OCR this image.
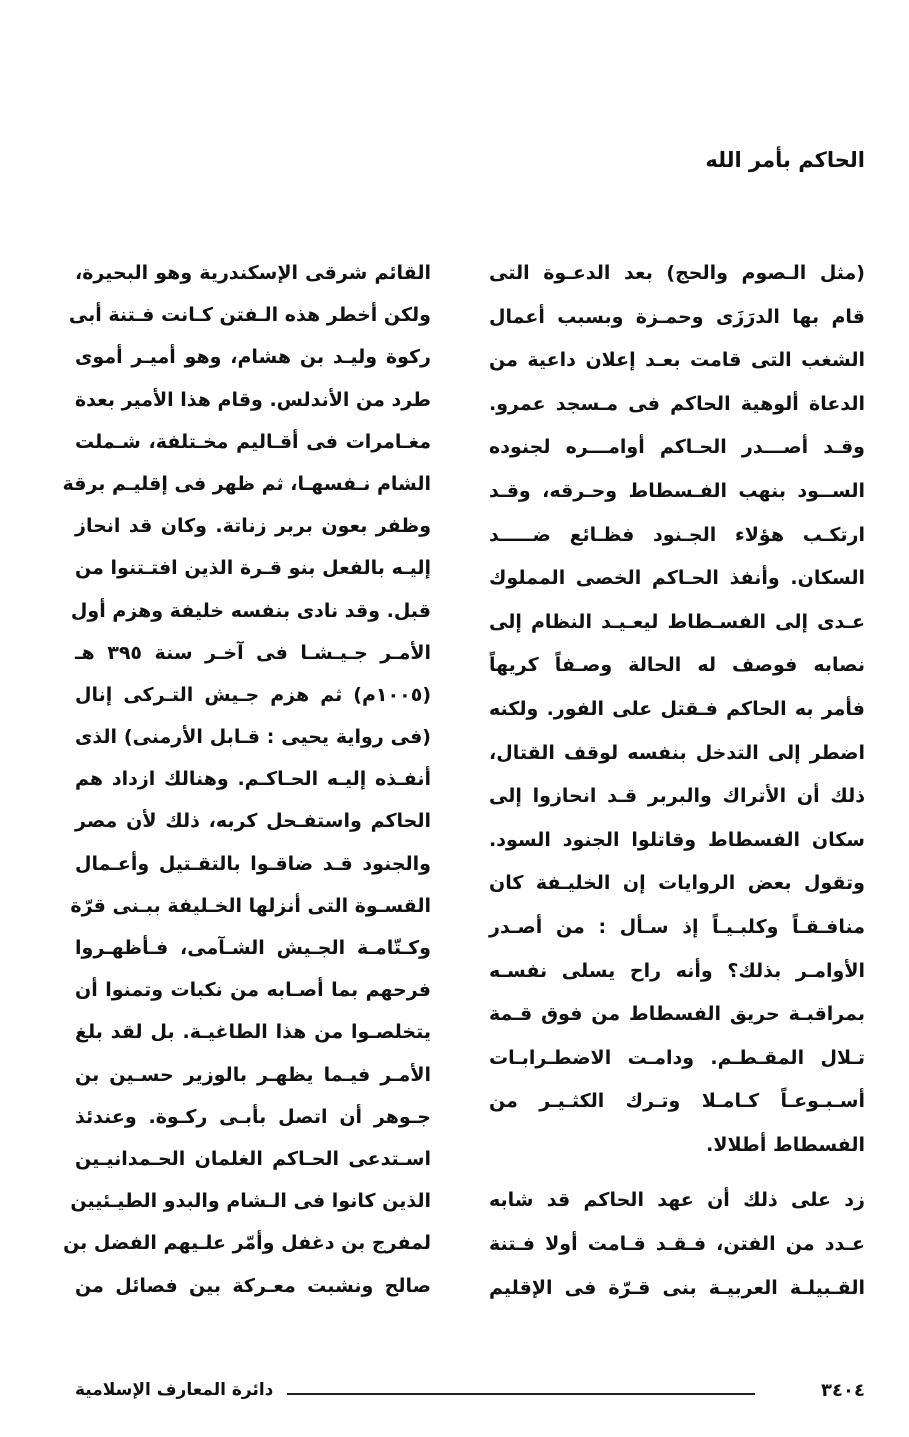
الحاكم بأمر الله
(مثل الـصوم والحج) بعد الدعـوة التى
قام بها الدرَزَى وحمـزة وبسبب أعمال
الشغب التى قامت بعـد إعلان داعية من
الدعاة ألوهية الحاكم فى مـسجد عمرو.
وقـد أصـــدر الحـاكم أوامـــره لجنوده
الســود بنهب الفـسطاط وحـرقه، وقـد
ارتكـب هؤلاء الجـنود فظـائع ضـــــد
السكان. وأنفذ الحـاكم الخصى المملوك
عـدى إلى الفسـطاط ليعـيـد النظام إلى
نصابه فوصف له الحالة وصـفاً كريهاً
فأمر به الحاكم فـقتل على الفور. ولكنه
اضطر إلى التدخل بنفسه لوقف القتال،
ذلك أن الأتراك والبربر قـد انحازوا إلى
سكان الفسطاط وقاتلوا الجنود السود.
وتقول بعض الروايات إن الخليـفة كان
منافـقـاً وكلبـيـاً إذ سـأل : من أصـدر
الأوامـر بذلك؟ وأنه راح يسلى نفسـه
بمراقبـة حريق الفسطاط من فوق قـمة
تـلال المقـطـم. ودامـت الاضطـرابـات
أسـبـوعـاً كـامـلا وتـرك الكثـيـر من
الفسطاط أطلالا.
زد على ذلك أن عهد الحاكم قد شابه
عـدد من الفتن، فـقـد قـامت أولا فـتنة
القـبيلـة العربيـة بنى قـرّة فى الإقليم
القائم شرقى الإسكندرية وهو البحيرة،
ولكن أخطر هذه الـفتن كـانت فـتنة أبى
ركوة وليـد بن هشام، وهو أميـر أموى
طرد من الأندلس. وقام هذا الأمير بعدة
مغـامرات فى أقـاليم مخـتلفة، شـملت
الشام نـفسهـا، ثم ظهر فى إقليـم برقة
وظفر بعون بربر زناتة. وكان قد انحاز
إليـه بالفعل بنو قـرة الذين افتـتنوا من
قبل. وقد نادى بنفسه خليفة وهزم أول
الأمـر جـيـشـا فى آخـر سنة ٣٩٥ هـ
(١٠٠٥م) ثم هزم جـيش التـركى إنال
(فى رواية يحيى : قـابل الأرمنى) الذى
أنفـذه إليـه الحـاكـم. وهنالك ازداد هم
الحاكم واستفـحل كربه، ذلك لأن مصر
والجنود قـد ضاقـوا بالتقـتيل وأعـمال
القسـوة التى أنزلها الخـليفة ببـنى قرّة
وكـتّامـة الجـيش الشـآمى، فـأظهـروا
فرحهم بما أصـابه من نكبات وتمنوا أن
يتخلصـوا من هذا الطاغيـة. بل لقد بلغ
الأمـر فيـما يظهـر بالوزير حسـين بن
جـوهر أن اتصل بأبـى ركـوة. وعندئذ
اسـتدعى الحـاكم الغلمان الحـمدانيـين
الذين كانوا فى الـشام والبدو الطيـئيين
لمفرج بن دغفل وأمّر علـيهم الفضل بن
صالح ونشبت معـركة بين فصائل من
دائرة المعارف الإسلامية	٣٤٠٤
